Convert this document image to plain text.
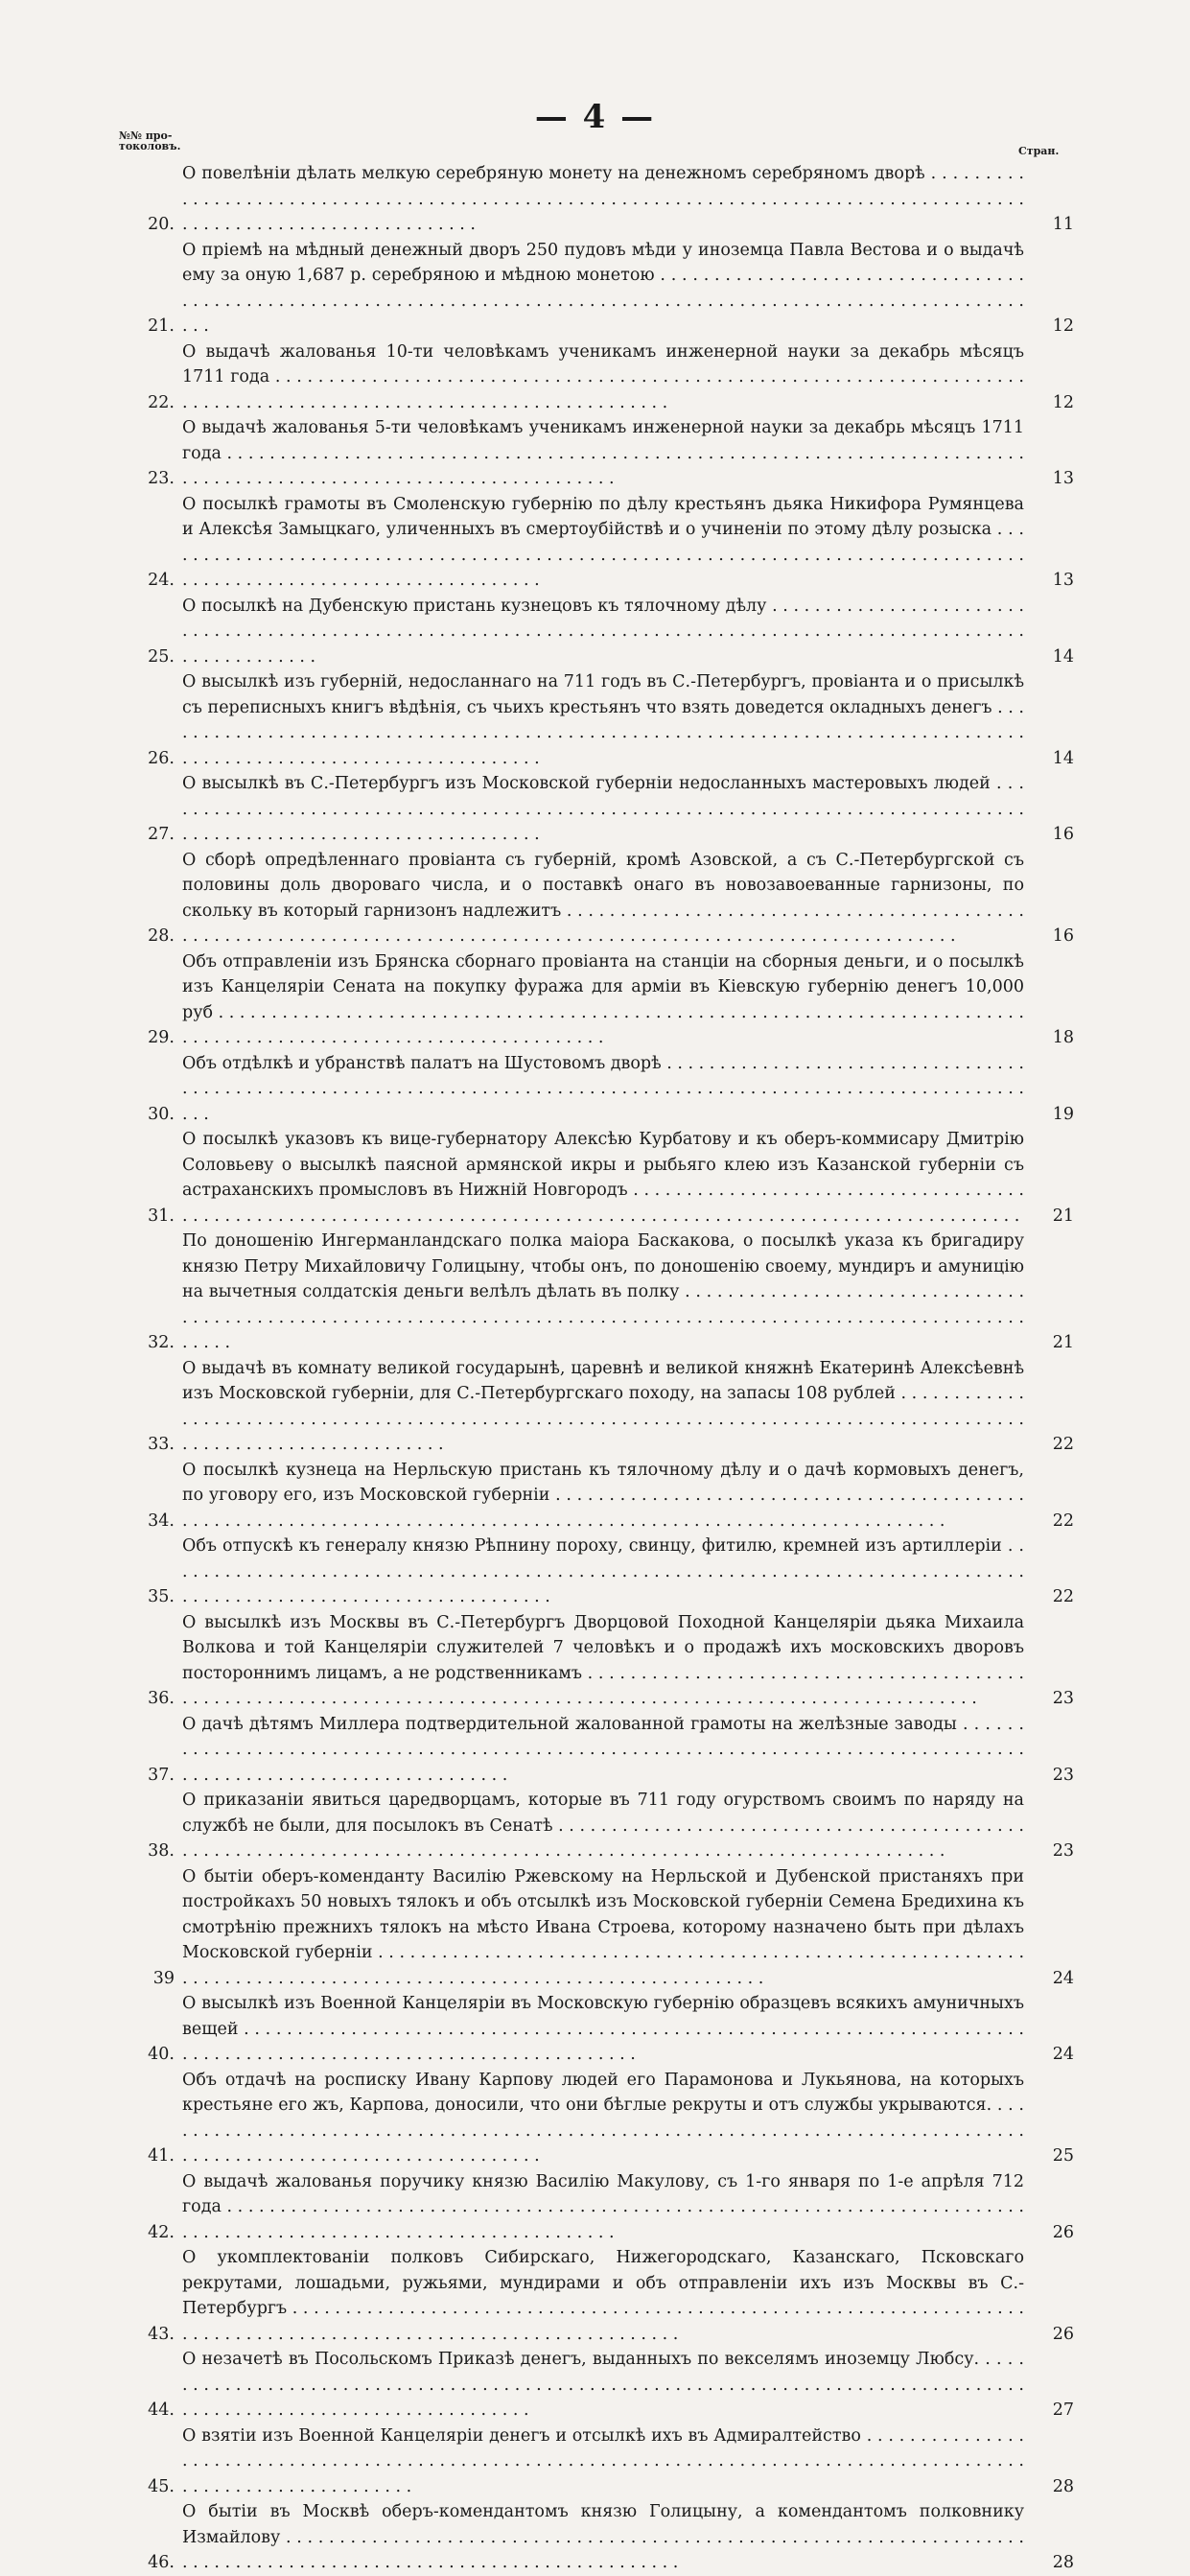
— 4 —
№№ про-
токоловъ.	Стран.
20.
О повелѣніи дѣлать мелкую серебряную монету на денежномъ серебряномъ дворѣ . . .
11
21.
О пріемѣ на мѣдный денежный дворъ 250 пудовъ мѣди у иноземца Павла Вестова и о выдачѣ ему за оную 1,687 р. серебряною и мѣдною монетою . . .
12
22.
О выдачѣ жалованья 10-ти человѣкамъ ученикамъ инженерной науки за декабрь мѣсяцъ 1711 года . . .
12
23.
О выдачѣ жалованья 5-ти человѣкамъ ученикамъ инженерной науки за декабрь мѣсяцъ 1711 года . . .
13
24.
О посылкѣ грамоты въ Смоленскую губернію по дѣлу крестьянъ дьяка Никифора Румянцева и Алексѣя Замыцкаго, уличенныхъ въ смертоубійствѣ и о учиненіи по этому дѣлу розыска . . .
13
25.
О посылкѣ на Дубенскую пристань кузнецовъ къ тялочному дѣлу . . .
14
26.
О высылкѣ изъ губерній, недосланнаго на 711 годъ въ С.-Петербургъ, провіанта и о присылкѣ съ переписныхъ книгъ вѣдѣнія, съ чьихъ крестьянъ что взять доведется окладныхъ денегъ . . .
14
27.
О высылкѣ въ С.-Петербургъ изъ Московской губерніи недосланныхъ мастеровыхъ людей . . .
16
28.
О сборѣ опредѣленнаго провіанта съ губерній, кромѣ Азовской, а съ С.-Петербургской съ половины доль двороваго числа, и о поставкѣ онаго въ новозавоеванные гарнизоны, по скольку въ который гарнизонъ надлежитъ . . .
16
29.
Объ отправленіи изъ Брянска сборнаго провіанта на станціи на сборныя деньги, и о посылкѣ изъ Канцеляріи Сената на покупку фуража для арміи въ Кіевскую губернію денегъ 10,000 руб . . .
18
30.
Объ отдѣлкѣ и убранствѣ палатъ на Шустовомъ дворѣ . . .
19
31.
О посылкѣ указовъ къ вице-губернатору Алексѣю Курбатову и къ оберъ-коммисару Дмитрію Соловьеву о высылкѣ паясной армянской икры и рыбьяго клею изъ Казанской губерніи съ астраханскихъ промысловъ въ Нижній Новгородъ . . .
21
32.
По доношенію Ингерманландскаго полка маіора Баскакова, о посылкѣ указа къ бригадиру князю Петру Михайловичу Голицыну, чтобы онъ, по доношенію своему, мундиръ и амуницію на вычетныя солдатскія деньги велѣлъ дѣлать въ полку . . .
21
33.
О выдачѣ въ комнату великой государынѣ, царевнѣ и великой княжнѣ Екатеринѣ Алексѣевнѣ изъ Московской губерніи, для С.-Петербургскаго походу, на запасы 108 рублей . . .
22
34.
О посылкѣ кузнеца на Нерльскую пристань къ тялочному дѣлу и о дачѣ кормовыхъ денегъ, по уговору его, изъ Московской губерніи . . .
22
35.
Объ отпускѣ къ генералу князю Рѣпнину пороху, свинцу, фитилю, кремней изъ артиллеріи . . .
22
36.
О высылкѣ изъ Москвы въ С.-Петербургъ Дворцовой Походной Канцеляріи дьяка Михаила Волкова и той Канцеляріи служителей 7 человѣкъ и о продажѣ ихъ московскихъ дворовъ постороннимъ лицамъ, а не родственникамъ . . .
23
37.
О дачѣ дѣтямъ Миллера подтвердительной жалованной грамоты на желѣзные заводы . . .
23
38.
О приказаніи явиться царедворцамъ, которые въ 711 году огурствомъ своимъ по наряду на службѣ не были, для посылокъ въ Сенатѣ . . .
23
39
О бытіи оберъ-коменданту Василію Ржевскому на Нерльской и Дубенской пристаняхъ при постройкахъ 50 новыхъ тялокъ и объ отсылкѣ изъ Московской губерніи Семена Бредихина къ смотрѣнію прежнихъ тялокъ на мѣсто Ивана Строева, которому назначено быть при дѣлахъ Московской губерніи . . .
24
40.
О высылкѣ изъ Военной Канцеляріи въ Московскую губернію образцевъ всякихъ амуничныхъ вещей . . .
24
41.
Объ отдачѣ на росписку Ивану Карпову людей его Парамонова и Лукьянова, на которыхъ крестьяне его жъ, Карпова, доносили, что они бѣглые рекруты и отъ службы укрываются. . . .
25
42.
О выдачѣ жалованья поручику князю Василію Макулову, съ 1-го января по 1-е апрѣля 712 года . . .
26
43.
О укомплектованіи полковъ Сибирскаго, Нижегородскаго, Казанскаго, Псковскаго рекрутами, лошадьми, ружьями, мундирами и объ отправленіи ихъ изъ Москвы въ С.-Петербургъ . . .
26
44.
О незачетѣ въ Посольскомъ Приказѣ денегъ, выданныхъ по векселямъ иноземцу Любсу. . . .
27
45.
О взятіи изъ Военной Канцеляріи денегъ и отсылкѣ ихъ въ Адмиралтейство . . .
28
46.
О бытіи въ Москвѣ оберъ-комендантомъ князю Голицыну, а комендантомъ полковнику Измайлову . . .
28
